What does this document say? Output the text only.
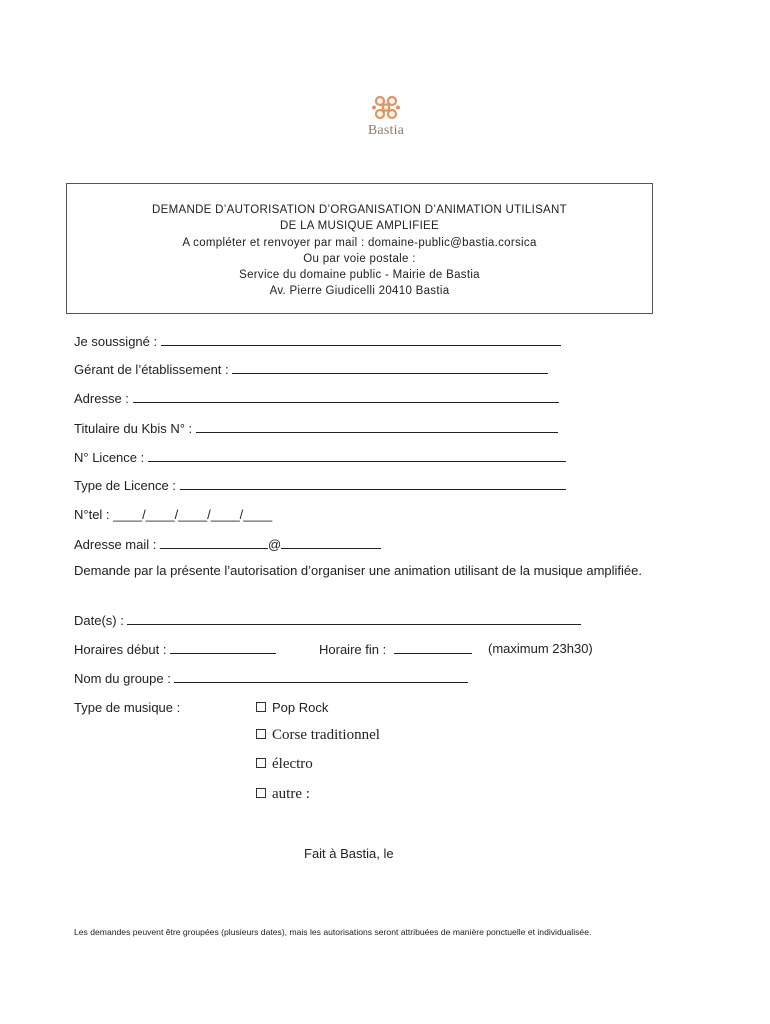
Bastia
DEMANDE D’AUTORISATION D’ORGANISATION D’ANIMATION UTILISANT
DE LA MUSIQUE AMPLIFIEE
A compléter et renvoyer par mail : domaine-public@bastia.corsica
Ou par voie postale :
Service du domaine public - Mairie de Bastia
Av. Pierre Giudicelli 20410 Bastia
Je soussigné :
Gérant de l’établissement :
Adresse :
Titulaire du Kbis N° :
N° Licence :
Type de Licence :
N°tel : ____/____/____/____/____
Adresse mail :	@
Demande par la présente l’autorisation d’organiser une animation utilisant de la musique amplifiée.
Date(s) :
Horaires début :	Horaire fin :	(maximum 23h30)
Nom du groupe :
Type de musique :	Pop Rock
Corse traditionnel
électro
autre :
Fait à Bastia, le
Les demandes peuvent être groupées (plusieurs dates), mais les autorisations seront attribuées de manière ponctuelle et individualisée.
